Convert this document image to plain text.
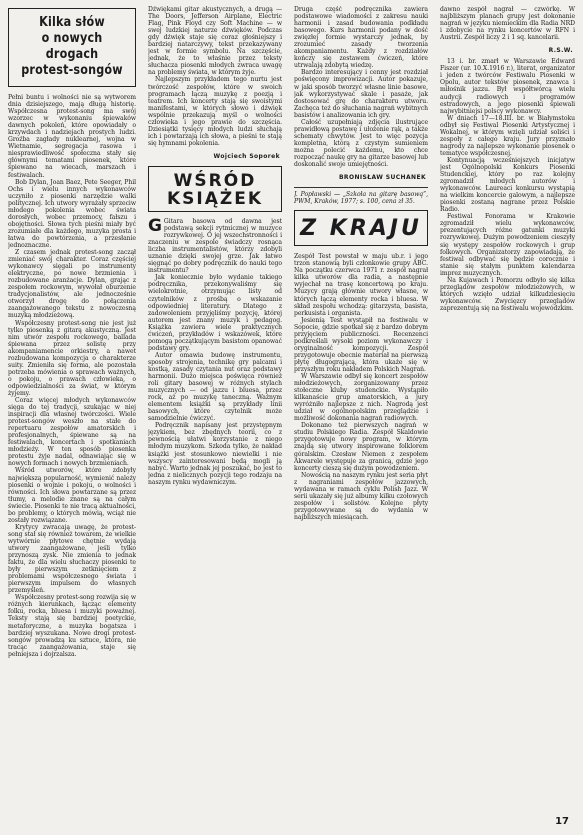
Kilka słów
o nowych drogach
protest-songów

Pełni buntu i wolności nie są wytworem dnia dzisiejszego, mają długą historię. Współczesna protest-song ma swój wzorzec w wykonaniu śpiewaków dawnych pokoleń, które opowiadały o krzywdach i nadziejach prostych ludzi. Groźba zagłady nuklearnej, wojna w Wietnamie, segregacja rasowa i niesprawiedliwość społeczna stały się głównymi tematami piosenek, które śpiewano na wiecach, marszach i festiwalach.

Bob Dylan, Joan Baez, Pete Seeger, Phil Ochs i wielu innych wykonawców uczyniło z piosenki narzędzie walki politycznej. Ich utwory wyrażały sprzeciw młodego pokolenia wobec świata dorosłych, wobec przemocy, fałszu i obojętności. Słowa tych pieśni miały być zrozumiałe dla każdego, muzyka prosta i łatwa do powtórzenia, a przesłanie jednoznaczne.

Z czasem jednak protest-song zaczął zmieniać swój charakter. Coraz częściej wykonawcy sięgali po instrumenty elektryczne, po nowe brzmienia i rozbudowane aranżacje. Dylan, grając z zespołem rockowym, wywołał oburzenie tradycjonalistów, ale jednocześnie otworzył drogę do połączenia zaangażowanego tekstu z nowoczesną muzyką młodzieżową.

Współczesny protest-song nie jest już tylko piosenką z gitarą akustyczną. Jest nim utwór zespołu rockowego, ballada śpiewana przez solistę przy akompaniamencie orkiestry, a nawet rozbudowana kompozycja o charakterze suity. Zmieniła się forma, ale pozostała potrzeba mówienia o sprawach ważnych, o pokoju, o prawach człowieka, o odpowiedzialności za świat, w którym żyjemy.

Coraz więcej młodych wykonawców sięga do tej tradycji, szukając w niej inspiracji dla własnej twórczości. Wiele protest-songów weszło na stałe do repertuaru zespołów amatorskich i profesjonalnych, śpiewane są na festiwalach, koncertach i spotkaniach młodzieży. W ten sposób piosenka protestu żyje nadal, odnawiając się w nowych formach i nowych brzmieniach.

Wśród utworów, które zdobyły największą popularność, wymienić należy piosenki o wojnie i pokoju, o wolności i równości. Ich słowa powtarzane są przez tłumy, a melodie znane są na całym świecie. Piosenki te nie tracą aktualności, bo problemy, o których mówią, wciąż nie zostały rozwiązane.

Krytycy zwracają uwagę, że protest-song stał się również towarem, że wielkie wytwórnie płytowe chętnie wydają utwory zaangażowane, jeśli tylko przynoszą zysk. Nie zmienia to jednak faktu, że dla wielu słuchaczy piosenki te były pierwszym zetknięciem z problemami współczesnego świata i pierwszym impulsem do własnych przemyśleń.

Współczesny protest-song rozwija się w różnych kierunkach, łącząc elementy folku, rocka, bluesa i muzyki poważnej. Teksty stają się bardziej poetyckie, metaforyczne, a muzyka bogatsza i bardziej wyszukana. Nowe drogi protest-songów prowadzą ku sztuce, która, nie tracąc zaangażowania, staje się pełniejsza i dojrzalsza.

Dźwiękami gitar akustycznych, a drugą — The Doors, Jefferson Airplane, Electric Flag, Pink Floyd czy Soft Machine — w swej ludzkiej naturze dźwięków. Podczas gdy dźwięk staje się coraz głośniejszy i bardziej natarczywy, tekst przekazywany jest w formie symbolu. Na szczęście, jednak, że to właśnie przez teksty słuchacza piosenki młodych zwraca uwagę na problemy świata, w którym żyje.

Najlepszym przykładem tego nurtu jest twórczość zespołów, które w swoich programach łączą muzykę z poezją i teatrem. Ich koncerty stają się swoistymi manifestami, w których słowo i dźwięk wspólnie przekazują myśl o wolności człowieka i jego prawie do szczęścia. Dziesiątki tysięcy młodych ludzi słuchają ich i powtarzają ich słowa, a pieśni te stają się hymnami pokolenia.

Wojciech Soporek
WŚRÓD KSIĄŻEK

G Gitara basowa od dawna jest podstawą sekcji rytmicznej w muzyce rozrywkowej. O jej wszechstronności i znaczeniu w zespole świadczy rosnąca liczba instrumentalistów, którzy zdobyli uznanie dzięki swojej grze. Jak łatwo sięgnąć po dobry podręcznik do nauki tego instrumentu?

Jak koniecznie było wydanie takiego podręcznika, przekonywaliśmy się wielokrotnie, otrzymując listy od czytelników z prośbą o wskazanie odpowiedniej literatury. Dlatego z zadowoleniem przyjęliśmy pozycję, której autorem jest znany muzyk i pedagog. Książka zawiera wiele praktycznych ćwiczeń, przykładów i wskazówek, które pomogą początkującym basistom opanować podstawy gry.

Autor omawia budowę instrumentu, sposoby strojenia, technikę gry palcami i kostką, zasady czytania nut oraz podstawy harmonii. Dużo miejsca poświęca również roli gitary basowej w różnych stylach muzycznych — od jazzu i bluesa, przez rock, aż po muzykę taneczną. Ważnym elementem książki są przykłady linii basowych, które czytelnik może samodzielnie ćwiczyć.

Podręcznik napisany jest przystępnym językiem, bez zbędnych teorii, co z pewnością ułatwi korzystanie z niego młodym muzykom. Szkoda tylko, że nakład książki jest stosunkowo niewielki i nie wszyscy zainteresowani będą mogli ją nabyć. Warto jednak jej poszukać, bo jest to jedna z nielicznych pozycji tego rodzaju na naszym rynku wydawniczym.

Druga część podręcznika zawiera podstawowe wiadomości z zakresu nauki harmonii i zasad budowania podkładu basowego. Kurs harmonii podany w dość zwięzłej formie wystarczy jednak, by zrozumieć zasady tworzenia akompaniamentu. Każdy z rozdziałów kończy się zestawem ćwiczeń, które utrwalają zdobytą wiedzę.

Bardzo interesujący i cenny jest rozdział poświęcony improwizacji. Autor pokazuje, w jaki sposób tworzyć własne linie basowe, jak wykorzystywać skale i pasaże, jak dostosować grę do charakteru utworu. Zachęca też do słuchania nagrań wybitnych basistów i analizowania ich gry.

Całość uzupełniają zdjęcia ilustrujące prawidłową postawę i ułożenie rąk, a także schematy chwytów. Jest to więc pozycja kompletna, którą z czystym sumieniem można polecić każdemu, kto chce rozpocząć naukę gry na gitarze basowej lub doskonalić swoje umiejętności.

BRONISŁAW SUCHANEK

J. Popławski — „Szkoła na gitarę basową”, PWM, Kraków, 1977; s. 100, cena zł 35.

Z KRAJU

Zespół Test powstał w maju ub.r. i jego trzon stanowią byli członkowie grupy ABC. Na początku czerwca 1971 r. zespół nagrał kilka utworów dla radia, a następnie wyjechał na trasę koncertową po kraju. Muzycy grają głównie utwory własne, w których łączą elementy rocka i bluesa. W skład zespołu wchodzą: gitarzysta, basista, perkusista i organista.

Jesienią Test wystąpił na festiwalu w Sopocie, gdzie spotkał się z bardzo dobrym przyjęciem publiczności. Recenzenci podkreślali wysoki poziom wykonawczy i oryginalność kompozycji. Zespół przygotowuje obecnie materiał na pierwszą płytę długogrającą, która ukaże się w przyszłym roku nakładem Polskich Nagrań.

W Warszawie odbył się koncert zespołów młodzieżowych, zorganizowany przez stołeczne kluby studenckie. Wystąpiło kilkanaście grup amatorskich, a jury wyróżniło najlepsze z nich. Nagrodą jest udział w ogólnopolskim przeglądzie i możliwość dokonania nagrań radiowych.

Dokonano też pierwszych nagrań w studiu Polskiego Radia. Zespół Skaldowie przygotowuje nowy program, w którym znajdą się utwory inspirowane folklorem góralskim. Czesław Niemen z zespołem Akwarele występuje za granicą, gdzie jego koncerty cieszą się dużym powodzeniem.

Nowością na naszym rynku jest seria płyt z nagraniami zespołów jazzowych, wydawana w ramach cyklu Polish Jazz. W serii ukazały się już albumy kilku czołowych zespołów i solistów. Kolejne płyty przygotowywane są do wydania w najbliższych miesiącach.

dawno zespół nagrał — czwórkę. W najbliższym planach grupy jest dokonanie nagrań w języku niemieckim dla Radia NRD i zdobycie na rynku koncertów w RFN i Austrii. Zespół liczy 2 i 1 sq. kancelarii.

R.S.W.

13 i. br. zmarł w Warszawie Edward Fiszer (ur. 10.X.1916 r.), literat, organizator i jeden z twórców Festiwalu Piosenki w Opolu, autor tekstów piosenek, znawca i miłośnik jazzu. Był współtwórcą wielu audycji radiowych i programów estradowych, a jego piosenki śpiewali najwybitniejsi polscy wykonawcy.

W dniach 17—18.III. br. w Białymstoku odbył się Festiwal Piosenki Artystycznej i Wokalnej, w którym wzięli udział soliści i zespoły z całego kraju. Jury przyznało nagrody za najlepsze wykonanie piosenek o tematyce współczesnej.

Kontynuacją wcześniejszych inicjatyw jest Ogólnopolski Konkurs Piosenki Studenckiej, który po raz kolejny zgromadził młodych autorów i wykonawców. Laureaci konkursu wystąpią na wielkim koncercie galowym, a najlepsze piosenki zostaną nagrane przez Polskie Radio.

Festiwal Fonorama w Krakowie zgromadził wielu wykonawców, prezentujących różne gatunki muzyki rozrywkowej. Dużym powodzeniem cieszyły się występy zespołów rockowych i grup folkowych. Organizatorzy zapowiadają, że festiwal odbywać się będzie corocznie i stanie się stałym punktem kalendarza imprez muzycznych.

Na Kujawach i Pomorzu odbyło się kilka przeglądów zespołów młodzieżowych, w których wzięło udział kilkudziesięciu wykonawców. Zwycięzcy przeglądów zaprezentują się na festiwalu wojewódzkim.

17
